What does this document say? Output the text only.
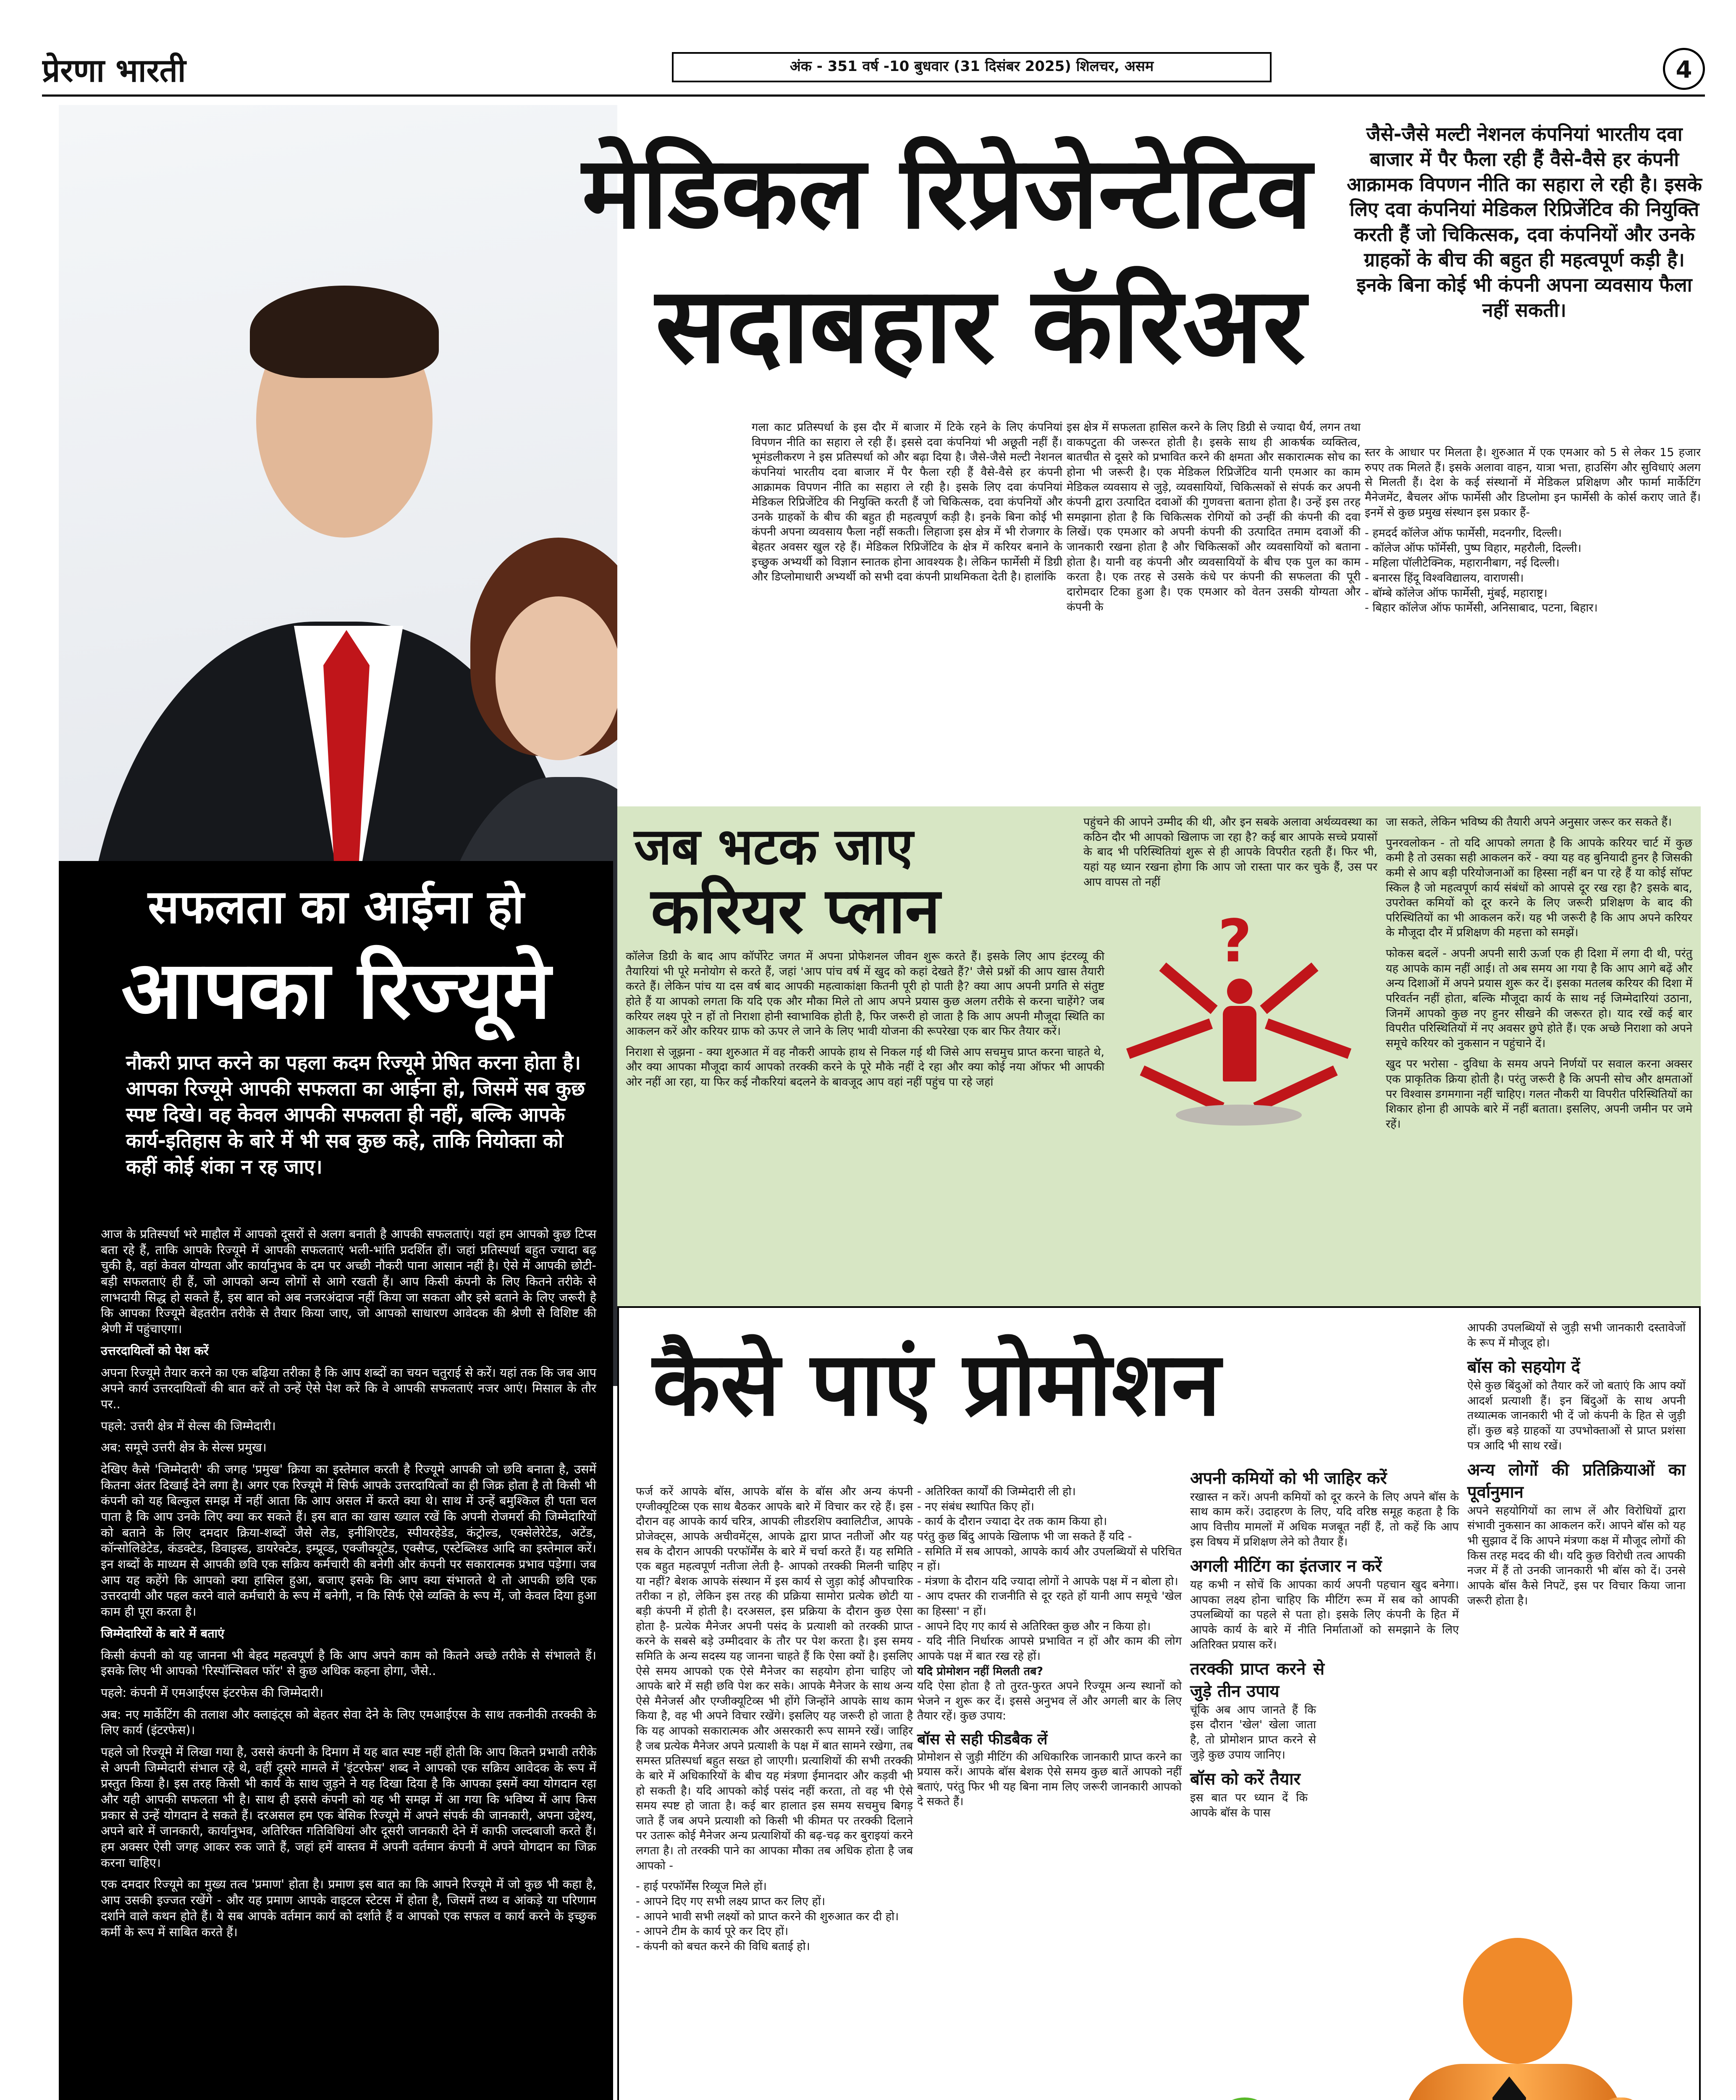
प्रेरणा भारती	अंक - 351 वर्ष -10 बुधवार (31 दिसंबर 2025) शिलचर, असम	4
मेडिकल रिप्रेजेन्टेटिव
सदाबहार कॅरिअर
जैसे-जैसे मल्टी नेशनल कंपनियां भारतीय दवा बाजार में पैर फैला रही हैं वैसे-वैसे हर कंपनी आक्रामक विपणन नीति का सहारा ले रही है। इसके लिए दवा कंपनियां मेडिकल रिप्रिजेंटिव की नियुक्ति करती हैं जो चिकित्सक, दवा कंपनियों और उनके ग्राहकों के बीच की बहुत ही महत्वपूर्ण कड़ी है। इनके बिना कोई भी कंपनी अपना व्यवसाय फैला नहीं सकती।
गला काट प्रतिस्पर्धा के इस दौर में बाजार में टिके रहने के लिए कंपनियां विपणन नीति का सहारा ले रही हैं। इससे दवा कंपनियां भी अछूती नहीं हैं। भूमंडलीकरण ने इस प्रतिस्पर्धा को और बढ़ा दिया है। जैसे-जैसे मल्टी नेशनल कंपनियां भारतीय दवा बाजार में पैर फैला रही हैं वैसे-वैसे हर कंपनी आक्रामक विपणन नीति का सहारा ले रही है। इसके लिए दवा कंपनियां मेडिकल रिप्रिजेंटिव की नियुक्ति करती हैं जो चिकित्सक, दवा कंपनियों और उनके ग्राहकों के बीच की बहुत ही महत्वपूर्ण कड़ी है। इनके बिना कोई भी कंपनी अपना व्यवसाय फैला नहीं सकती। लिहाजा इस क्षेत्र में भी रोजगार के बेहतर अवसर खुल रहे हैं। मेडिकल रिप्रिजेंटिव के क्षेत्र में करियर बनाने के इच्छुक अभ्यर्थी को विज्ञान स्नातक होना आवश्यक है। लेकिन फार्मेसी में डिग्री और डिप्लोमाधारी अभ्यर्थी को सभी दवा कंपनी प्राथमिकता देती है। हालांकि
इस क्षेत्र में सफलता हासिल करने के लिए डिग्री से ज्यादा धैर्य, लगन तथा वाकपटुता की जरूरत होती है। इसके साथ ही आकर्षक व्यक्तित्व, बातचीत से दूसरे को प्रभावित करने की क्षमता और सकारात्मक सोच का होना भी जरूरी है। एक मेडिकल रिप्रिजेंटिव यानी एमआर का काम मेडिकल व्यवसाय से जुड़े, व्यवसायियों, चिकित्सकों से संपर्क कर अपनी कंपनी द्वारा उत्पादित दवाओं की गुणवत्ता बताना होता है। उन्हें इस तरह समझाना होता है कि चिकित्सक रोगियों को उन्हीं की कंपनी की दवा लिखें। एक एमआर को अपनी कंपनी की उत्पादित तमाम दवाओं की जानकारी रखना होता है और चिकित्सकों और व्यवसायियों को बताना होता है। यानी वह कंपनी और व्यवसायियों के बीच एक पुल का काम करता है। एक तरह से उसके कंधे पर कंपनी की सफलता की पूरी दारोमदार टिका हुआ है। एक एमआर को वेतन उसकी योग्यता और कंपनी के

स्तर के आधार पर मिलता है। शुरुआत में एक एमआर को 5 से लेकर 15 हजार रुपए तक मिलते हैं। इसके अलावा वाहन, यात्रा भत्ता, हाउसिंग और सुविधाएं अलग से मिलती हैं। देश के कई संस्थानों में मेडिकल प्रशिक्षण और फार्मा मार्केटिंग मैनेजमेंट, बैचलर ऑफ फार्मेसी और डिप्लोमा इन फार्मेसी के कोर्स कराए जाते हैं। इनमें से कुछ प्रमुख संस्थान इस प्रकार हैं-

- हमदर्द कॉलेज ऑफ फार्मेसी, मदनगीर, दिल्ली।
- कॉलेज ऑफ फॉर्मेसी, पुष्प विहार, महरौली, दिल्ली।
- महिला पॉलीटेक्निक, महारानीबाग, नई दिल्ली।
- बनारस हिंदू विश्वविद्यालय, वाराणसी।
- बॉम्बे कॉलेज ऑफ फार्मेसी, मुंबई, महाराष्ट्र।
- बिहार कॉलेज ऑफ फार्मेसी, अनिसाबाद, पटना, बिहार।
सफलता का आईना हो
आपका रिज्यूमे
नौकरी प्राप्त करने का पहला कदम रिज्यूमे प्रेषित करना होता है। आपका रिज्यूमे आपकी सफलता का आईना हो, जिसमें सब कुछ स्पष्ट दिखे। वह केवल आपकी सफलता ही नहीं, बल्कि आपके कार्य-इतिहास के बारे में भी सब कुछ कहे, ताकि नियोक्ता को कहीं कोई शंका न रह जाए।

आज के प्रतिस्पर्धा भरे माहौल में आपको दूसरों से अलग बनाती है आपकी सफलताएं। यहां हम आपको कुछ टिप्स बता रहे हैं, ताकि आपके रिज्यूमे में आपकी सफलताएं भली-भांति प्रदर्शित हों। जहां प्रतिस्पर्धा बहुत ज्यादा बढ़ चुकी है, वहां केवल योग्यता और कार्यानुभव के दम पर अच्छी नौकरी पाना आसान नहीं है। ऐसे में आपकी छोटी-बड़ी सफलताएं ही हैं, जो आपको अन्य लोगों से आगे रखती हैं। आप किसी कंपनी के लिए कितने तरीके से लाभदायी सिद्ध हो सकते हैं, इस बात को अब नजरअंदाज नहीं किया जा सकता और इसे बताने के लिए जरूरी है कि आपका रिज्यूमे बेहतरीन तरीके से तैयार किया जाए, जो आपको साधारण आवेदक की श्रेणी से विशिष्ट की श्रेणी में पहुंचाएगा।

उत्तरदायित्वों को पेश करें

अपना रिज्यूमे तैयार करने का एक बढ़िया तरीका है कि आप शब्दों का चयन चतुराई से करें। यहां तक कि जब आप अपने कार्य उत्तरदायित्वों की बात करें तो उन्हें ऐसे पेश करें कि वे आपकी सफलताएं नजर आएं। मिसाल के तौर पर..

पहले: उत्तरी क्षेत्र में सेल्स की जिम्मेदारी।

अब: समूचे उत्तरी क्षेत्र के सेल्स प्रमुख।

देखिए कैसे 'जिम्मेदारी' की जगह 'प्रमुख' क्रिया का इस्तेमाल करती है रिज्यूमे आपकी जो छवि बनाता है, उसमें कितना अंतर दिखाई देने लगा है। अगर एक रिज्यूमे में सिर्फ आपके उत्तरदायित्वों का ही जिक्र होता है तो किसी भी कंपनी को यह बिल्कुल समझ में नहीं आता कि आप असल में करते क्या थे। साथ में उन्हें बमुश्किल ही पता चल पाता है कि आप उनके लिए क्या कर सकते हैं। इस बात का खास ख्याल रखें कि अपनी रोजमर्रा की जिम्मेदारियों को बताने के लिए दमदार क्रिया-शब्दों जैसे लेड, इनीशिएटेड, स्पीयरहेडेड, कंट्रोल्ड, एक्सेलेरेटेड, अटेंड, कॉन्सोलिडेटेड, कंडक्टेड, डिवाइस्ड, डायरेक्टेड, इम्प्रूव्ड, एक्जीक्यूटेड, एक्सैप्ड, एस्टेब्लिश्ड आदि का इस्तेमाल करें। इन शब्दों के माध्यम से आपकी छवि एक सक्रिय कर्मचारी की बनेगी और कंपनी पर सकारात्मक प्रभाव पड़ेगा। जब आप यह कहेंगे कि आपको क्या हासिल हुआ, बजाए इसके कि आप क्या संभालते थे तो आपकी छवि एक उत्तरदायी और पहल करने वाले कर्मचारी के रूप में बनेगी, न कि सिर्फ ऐसे व्यक्ति के रूप में, जो केवल दिया हुआ काम ही पूरा करता है।

जिम्मेदारियों के बारे में बताएं

किसी कंपनी को यह जानना भी बेहद महत्वपूर्ण है कि आप अपने काम को कितने अच्छे तरीके से संभालते हैं। इसके लिए भी आपको 'रिस्पॉन्सिबल फॉर' से कुछ अधिक कहना होगा, जैसे..

पहले: कंपनी में एमआईएस इंटरफेस की जिम्मेदारी।

अब: नए मार्केटिंग की तलाश और क्लाइंट्स को बेहतर सेवा देने के लिए एमआईएस के साथ तकनीकी तरक्की के लिए कार्य (इंटरफेस)।

पहले जो रिज्यूमे में लिखा गया है, उससे कंपनी के दिमाग में यह बात स्पष्ट नहीं होती कि आप कितने प्रभावी तरीके से अपनी जिम्मेदारी संभाल रहे थे, वहीं दूसरे मामले में 'इंटरफेस' शब्द ने आपको एक सक्रिय आवेदक के रूप में प्रस्तुत किया है। इस तरह किसी भी कार्य के साथ जुड़ने ने यह दिखा दिया है कि आपका इसमें क्या योगदान रहा और यही आपकी सफलता भी है। साथ ही इससे कंपनी को यह भी समझ में आ गया कि भविष्य में आप किस प्रकार से उन्हें योगदान दे सकते हैं। दरअसल हम एक बेसिक रिज्यूमे में अपने संपर्क की जानकारी, अपना उद्देश्य, अपने बारे में जानकारी, कार्यानुभव, अतिरिक्त गतिविधियां और दूसरी जानकारी देने में काफी जल्दबाजी करते हैं। हम अक्सर ऐसी जगह आकर रुक जाते हैं, जहां हमें वास्तव में अपनी वर्तमान कंपनी में अपने योगदान का जिक्र करना चाहिए।

एक दमदार रिज्यूमे का मुख्य तत्व 'प्रमाण' होता है। प्रमाण इस बात का कि आपने रिज्यूमे में जो कुछ भी कहा है, आप उसकी इज्जत रखेंगे - और यह प्रमाण आपके वाइटल स्टेटस में होता है, जिसमें तथ्य व आंकड़े या परिणाम दर्शाने वाले कथन होते हैं। ये सब आपके वर्तमान कार्य को दर्शाते हैं व आपको एक सफल व कार्य करने के इच्छुक कर्मी के रूप में साबित करते हैं।

जब भटक जाए
करियर प्लान	?

कॉलेज डिग्री के बाद आप कॉर्पोरेट जगत में अपना प्रोफेशनल जीवन शुरू करते हैं। इसके लिए आप इंटरव्यू की तैयारियां भी पूरे मनोयोग से करते हैं, जहां 'आप पांच वर्ष में खुद को कहां देखते हैं?' जैसे प्रश्नों की आप खास तैयारी करते हैं। लेकिन पांच या दस वर्ष बाद आपकी महत्वाकांक्षा कितनी पूरी हो पाती है? क्या आप अपनी प्रगति से संतुष्ट होते हैं या आपको लगता कि यदि एक और मौका मिले तो आप अपने प्रयास कुछ अलग तरीके से करना चाहेंगे? जब करियर लक्ष्य पूरे न हों तो निराशा होनी स्वाभाविक होती है, फिर जरूरी हो जाता है कि आप अपनी मौजूदा स्थिति का आकलन करें और करियर ग्राफ को ऊपर ले जाने के लिए भावी योजना की रूपरेखा एक बार फिर तैयार करें।

निराशा से जूझना - क्या शुरुआत में वह नौकरी आपके हाथ से निकल गई थी जिसे आप सचमुच प्राप्त करना चाहते थे, और क्या आपका मौजूदा कार्य आपको तरक्की करने के पूरे मौके नहीं दे रहा और क्या कोई नया ऑफर भी आपकी ओर नहीं आ रहा, या फिर कई नौकरियां बदलने के बावजूद आप वहां नहीं पहुंच पा रहे जहां

पहुंचने की आपने उम्मीद की थी, और इन सबके अलावा अर्थव्यवस्था का कठिन दौर भी आपको खिलाफ जा रहा है? कई बार आपके सच्चे प्रयासों के बाद भी परिस्थितियां शुरू से ही आपके विपरीत रहती हैं। फिर भी, यहां यह ध्यान रखना होगा कि आप जो रास्ता पार कर चुके हैं, उस पर आप वापस तो नहीं

जा सकते, लेकिन भविष्य की तैयारी अपने अनुसार जरूर कर सकते हैं।

पुनरवलोकन - तो यदि आपको लगता है कि आपके करियर चार्ट में कुछ कमी है तो उसका सही आकलन करें - क्या यह वह बुनियादी हुनर है जिसकी कमी से आप बड़ी परियोजनाओं का हिस्सा नहीं बन पा रहे हैं या कोई सॉफ्ट स्किल है जो महत्वपूर्ण कार्य संबंधों को आपसे दूर रख रहा है? इसके बाद, उपरोक्त कमियों को दूर करने के लिए जरूरी प्रशिक्षण के बाद की परिस्थितियों का भी आकलन करें। यह भी जरूरी है कि आप अपने करियर के मौजूदा दौर में प्रशिक्षण की महत्ता को समझें।

फोकस बदलें - अपनी अपनी सारी ऊर्जा एक ही दिशा में लगा दी थी, परंतु यह आपके काम नहीं आई। तो अब समय आ गया है कि आप आगे बढ़ें और अन्य दिशाओं में अपने प्रयास शुरू कर दें। इसका मतलब करियर की दिशा में परिवर्तन नहीं होता, बल्कि मौजूदा कार्य के साथ नई जिम्मेदारियां उठाना, जिनमें आपको कुछ नए हुनर सीखने की जरूरत हो। याद रखें कई बार विपरीत परिस्थितियों में नए अवसर छुपे होते हैं। एक अच्छे निराशा को अपने समूचे करियर को नुकसान न पहुंचाने दें।

खुद पर भरोसा - दुविधा के समय अपने निर्णयों पर सवाल करना अक्सर एक प्राकृतिक क्रिया होती है। परंतु जरूरी है कि अपनी सोच और क्षमताओं पर विश्वास डगमगाना नहीं चाहिए। गलत नौकरी या विपरीत परिस्थितियों का शिकार होना ही आपके बारे में नहीं बताता। इसलिए, अपनी जमीन पर जमे रहें।

कैसे पाएं प्रोमोशन

फर्ज करें आपके बॉस, आपके बॉस के बॉस और अन्य कंपनी एग्जीक्यूटिव्स एक साथ बैठकर आपके बारे में विचार कर रहे हैं। इस दौरान वह आपके कार्य चरित्र, आपकी लीडरशिप क्वालिटीज, आपके प्रोजेक्ट्स, आपके अचीवमेंट्स, आपके द्वारा प्राप्त नतीजों और यह सब के दौरान आपकी परफॉर्मेंस के बारे में चर्चा करते हैं। यह समिति एक बहुत महत्वपूर्ण नतीजा लेती है- आपको तरक्की मिलनी चाहिए या नहीं? बेशक आपके संस्थान में इस कार्य से जुड़ा कोई औपचारिक तरीका न हो, लेकिन इस तरह की प्रक्रिया सामोरा प्रत्येक छोटी या बड़ी कंपनी में होती है। दरअसल, इस प्रक्रिया के दौरान कुछ ऐसा होता है- प्रत्येक मैनेजर अपनी पसंद के प्रत्याशी को तरक्की प्राप्त करने के सबसे बड़े उम्मीदवार के तौर पर पेश करता है। इस समय समिति के अन्य सदस्य यह जानना चाहते हैं कि ऐसा क्यों है। इसलिए ऐसे समय आपको एक ऐसे मैनेजर का सहयोग होना चाहिए जो आपके बारे में सही छवि पेश कर सके। आपके मैनेजर के साथ अन्य ऐसे मैनेजर्स और एग्जीक्यूटिव्स भी होंगे जिन्होंने आपके साथ काम किया है, वह भी अपने विचार रखेंगे। इसलिए यह जरूरी हो जाता है कि यह आपको सकारात्मक और असरकारी रूप सामने रखें। जाहिर है जब प्रत्येक मैनेजर अपने प्रत्याशी के पक्ष में बात सामने रखेगा, तब समस्त प्रतिस्पर्धा बहुत सख्त हो जाएगी। प्रत्याशियों की सभी तरक्की के बारे में अधिकारियों के बीच यह मंत्रणा ईमानदार और कड़वी भी हो सकती है। यदि आपको कोई पसंद नहीं करता, तो वह भी ऐसे समय स्पष्ट हो जाता है। कई बार हालात इस समय सचमुच बिगड़ जाते हैं जब अपने प्रत्याशी को किसी भी कीमत पर तरक्की दिलाने पर उतारू कोई मैनेजर अन्य प्रत्याशियों की बढ़-चढ़ कर बुराइयां करने लगता है। तो तरक्की पाने का आपका मौका तब अधिक होता है जब आपको -

- हाई परफॉर्मेंस रिव्यूज मिले हों।
- आपने दिए गए सभी लक्ष्य प्राप्त कर लिए हों।
- आपने भावी सभी लक्ष्यों को प्राप्त करने की शुरुआत कर दी हो।
- आपने टीम के कार्य पूरे कर दिए हों।
- कंपनी को बचत करने की विधि बताई हो।
- अतिरिक्त कार्यों की जिम्मेदारी ली हो।
- नए संबंध स्थापित किए हों।
- कार्य के दौरान ज्यादा देर तक काम किया हो।
परंतु कुछ बिंदु आपके खिलाफ भी जा सकते हैं यदि -
- समिति में सब आपको, आपके कार्य और उपलब्धियों से परिचित न हों।
- मंत्रणा के दौरान यदि ज्यादा लोगों ने आपके पक्ष में न बोला हो।
- आप दफ्तर की राजनीति से दूर रहते हों यानी आप समूचे 'खेल का हिस्सा' न हों।
- आपने दिए गए कार्य से अतिरिक्त कुछ और न किया हो।
- यदि नीति निर्धारक आपसे प्रभावित न हों और काम की लोग आपके पक्ष में बात रख रहे हों।
यदि प्रोमोशन नहीं मिलती तब?
यदि ऐसा होता है तो तुरत-फुरत अपने रिज्यूम अन्य स्थानों को भेजने न शुरू कर दें। इससे अनुभव लें और अगली बार के लिए तैयार रहें। कुछ उपाय:
बॉस से सही फीडबैक लें
प्रोमोशन से जुड़ी मीटिंग की अधिकारिक जानकारी प्राप्त करने का प्रयास करें। आपके बॉस बेशक ऐसे समय कुछ बातें आपको नहीं बताएं, परंतु फिर भी यह बिना नाम लिए जरूरी जानकारी आपको दे सकते हैं।
अपनी कमियों को भी जाहिर करें

रखास्त न करें। अपनी कमियों को दूर करने के लिए अपने बॉस के साथ काम करें। उदाहरण के लिए, यदि वरिष्ठ समूह कहता है कि आप वित्तीय मामलों में अधिक मजबूत नहीं हैं, तो कहें कि आप इस विषय में प्रशिक्षण लेने को तैयार हैं।

अगली मीटिंग का इंतजार न करें

यह कभी न सोचें कि आपका कार्य अपनी पहचान खुद बनेगा। आपका लक्ष्य होना चाहिए कि मीटिंग रूम में सब को आपकी उपलब्धियों का पहले से पता हो। इसके लिए कंपनी के हित में आपके कार्य के बारे में नीति निर्माताओं को समझाने के लिए अतिरिक्त प्रयास करें।

तरक्की प्राप्त करने से जुड़े तीन उपाय

चूंकि अब आप जानते हैं कि इस दौरान 'खेल' खेला जाता है, तो प्रोमोशन प्राप्त करने से जुड़े कुछ उपाय जानिए।

बॉस को करें तैयार

इस बात पर ध्यान दें कि आपके बॉस के पास

आपकी उपलब्धियों से जुड़ी सभी जानकारी दस्तावेजों के रूप में मौजूद हो।

बॉस को सहयोग दें

ऐसे कुछ बिंदुओं को तैयार करें जो बताएं कि आप क्यों आदर्श प्रत्याशी हैं। इन बिंदुओं के साथ अपनी तथ्यात्मक जानकारी भी दें जो कंपनी के हित से जुड़ी हों। कुछ बड़े ग्राहकों या उपभोक्ताओं से प्राप्त प्रशंसा पत्र आदि भी साथ रखें।

अन्य लोगों की प्रतिक्रियाओं का पूर्वानुमान

अपने सहयोगियों का लाभ लें और विरोधियों द्वारा संभावी नुकसान का आकलन करें। आपने बॉस को यह भी सुझाव दें कि आपने मंत्रणा कक्ष में मौजूद लोगों की किस तरह मदद की थी। यदि कुछ विरोधी तत्व आपकी नजर में हैं तो उनकी जानकारी भी बॉस को दें। उनसे आपके बॉस कैसे निपटें, इस पर विचार किया जाना जरूरी होता है।
